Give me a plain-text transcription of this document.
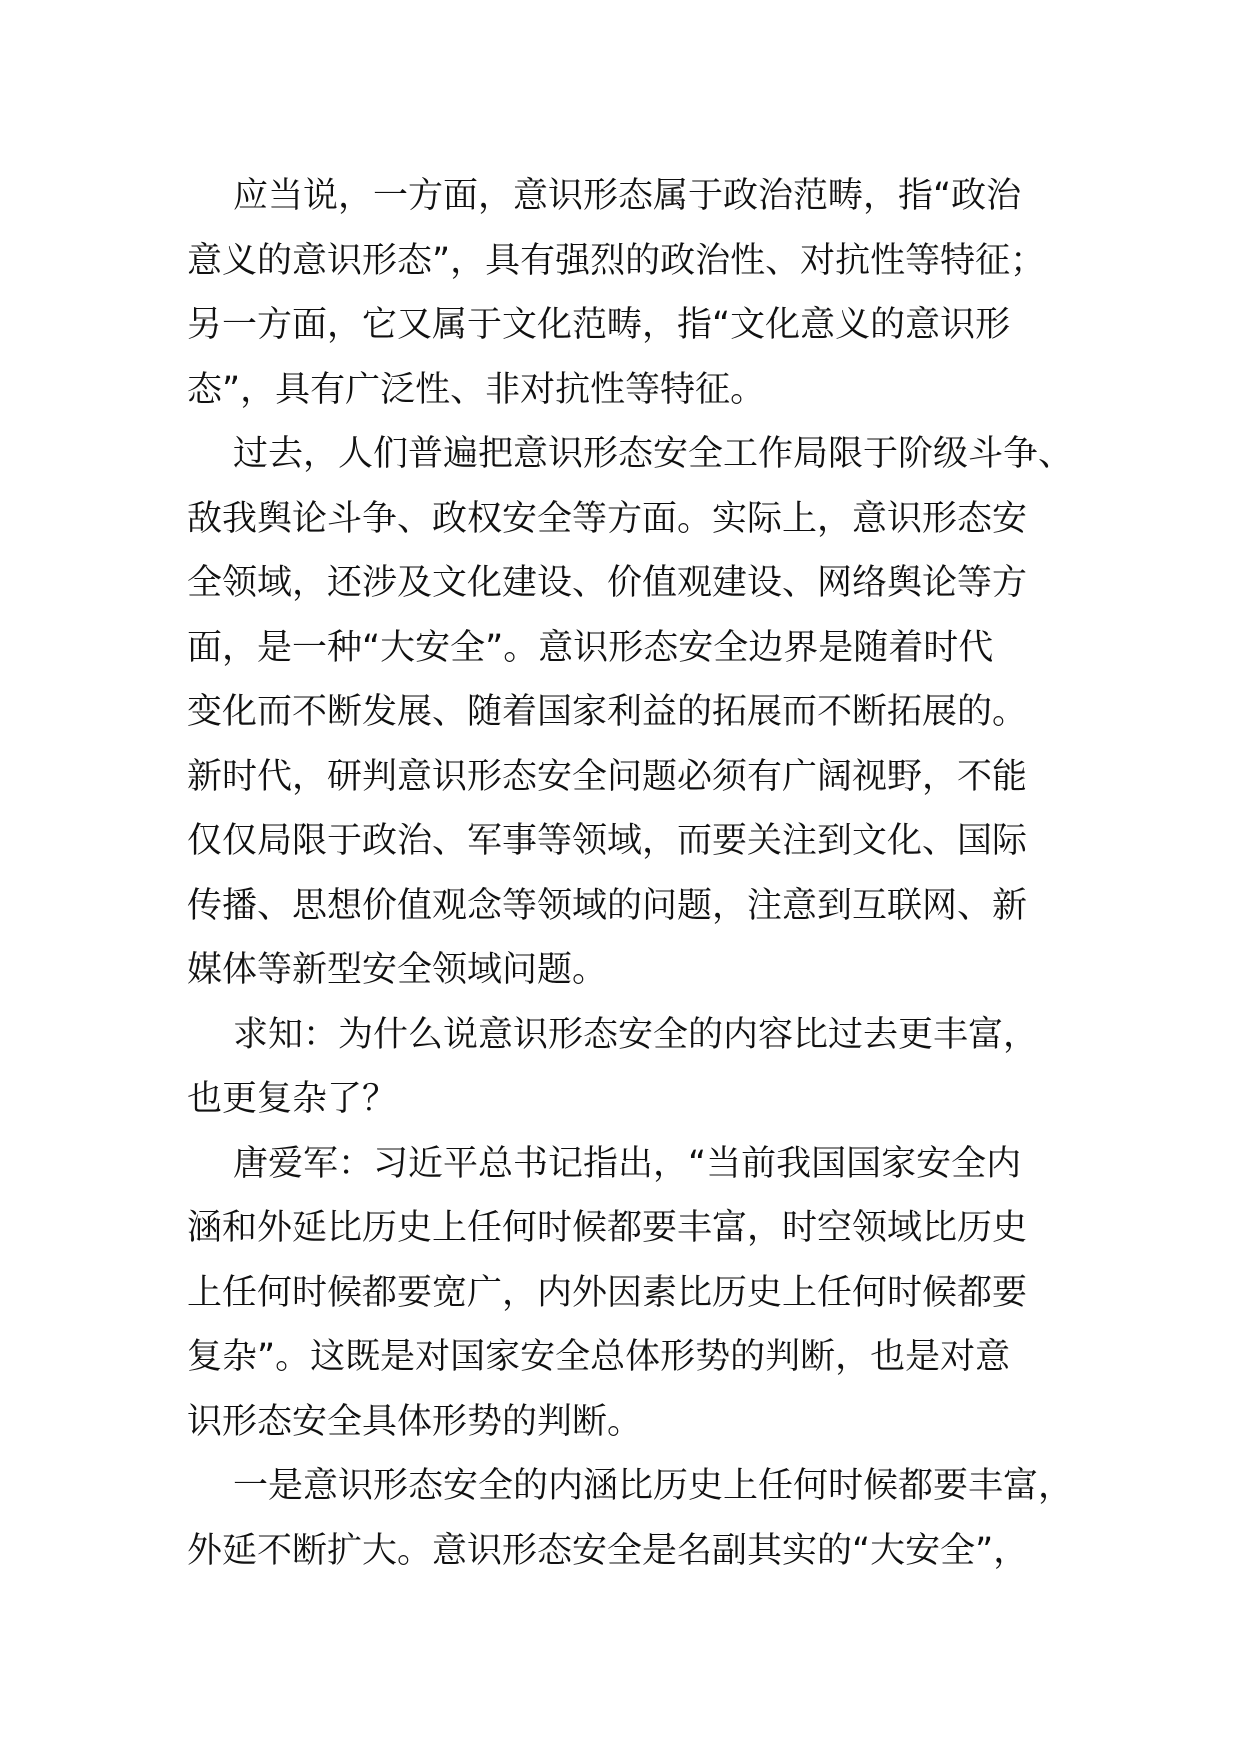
应当说，一方面，意识形态属于政治范畴，指“政治
意义的意识形态”，具有强烈的政治性、对抗性等特征；
另一方面，它又属于文化范畴，指“文化意义的意识形
态”，具有广泛性、非对抗性等特征。

过去，人们普遍把意识形态安全工作局限于阶级斗争、
敌我舆论斗争、政权安全等方面。实际上，意识形态安
全领域，还涉及文化建设、价值观建设、网络舆论等方
面，是一种“大安全”。意识形态安全边界是随着时代
变化而不断发展、随着国家利益的拓展而不断拓展的。
新时代，研判意识形态安全问题必须有广阔视野，不能
仅仅局限于政治、军事等领域，而要关注到文化、国际
传播、思想价值观念等领域的问题，注意到互联网、新
媒体等新型安全领域问题。

求知：为什么说意识形态安全的内容比过去更丰富，
也更复杂了？

唐爱军：习近平总书记指出，“当前我国国家安全内
涵和外延比历史上任何时候都要丰富，时空领域比历史
上任何时候都要宽广，内外因素比历史上任何时候都要
复杂”。这既是对国家安全总体形势的判断，也是对意
识形态安全具体形势的判断。

一是意识形态安全的内涵比历史上任何时候都要丰富，
外延不断扩大。意识形态安全是名副其实的“大安全”，
